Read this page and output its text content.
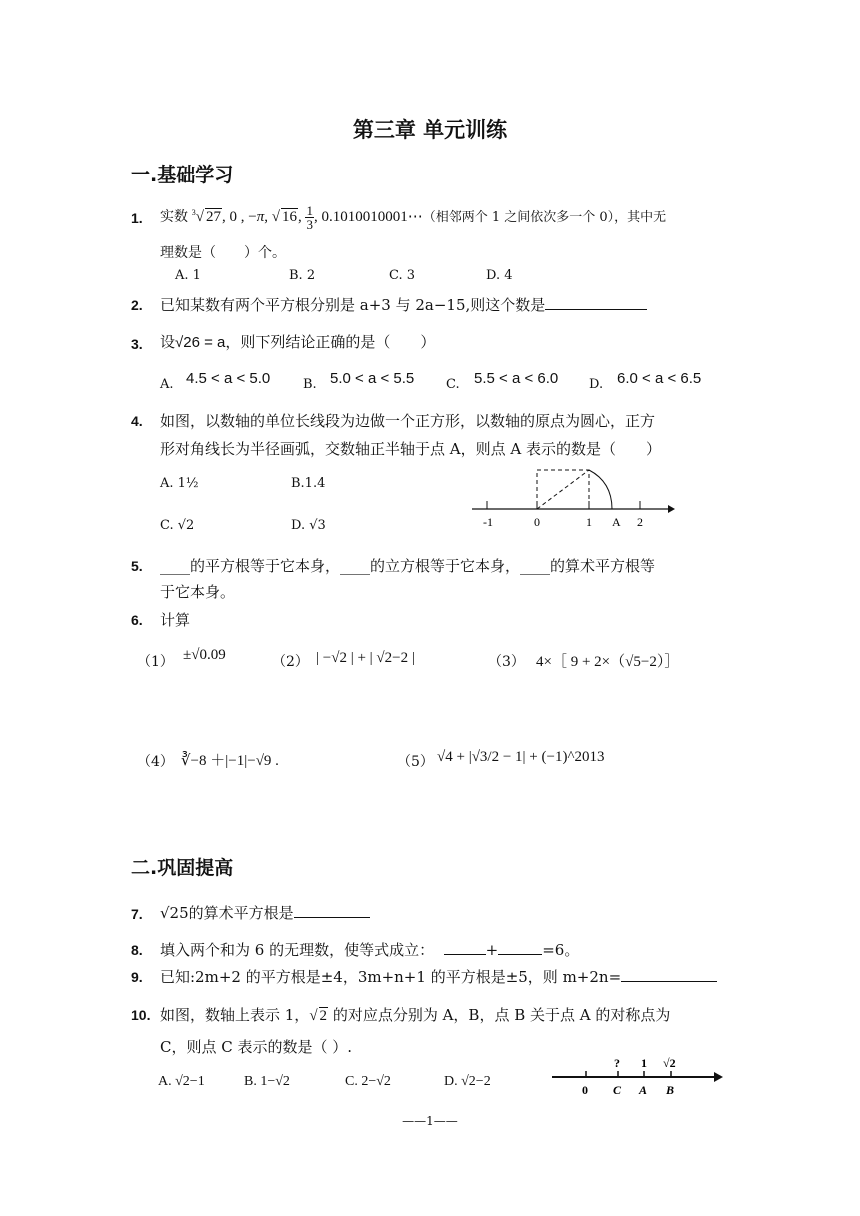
第三章 单元训练
一.基础学习
1. 实数 $^3$√ 27, 0 , −π, √ 16, $\frac{1}{3}$ , 0.1010010001⋯（相邻两个 1 之间依次多一个 0），其中无
理数是（　　）个。
A. 1	B. 2	C. 3	D. 4
2. 已知某数有两个平方根分别是 a+3 与 2a−15,则这个数是
3. 设√26 = a，则下列结论正确的是（　　）
A. 4.5 < a < 5.0	B. 5.0 < a < 5.5 C. 5.5 < a < 6.0 D. 6.0 < a < 6.5
4. 如图，以数轴的单位长线段为边做一个正方形，以数轴的原点为圆心，正方
形对角线长为半径画弧，交数轴正半轴于点 A，则点 A 表示的数是（　　）
A. 1½	B.1.4
C. √2	D. √3	-1	0	1 A 2
5. ____的平方根等于它本身，____的立方根等于它本身，____的算术平方根等
于它本身。
6. 计算
（1） ±√0.09	（2） | −√2 | + | √2−2 |	（3） 4×［ 9 + 2×（√5−2）］
（4） ∛−8 ＋|−1|−√9 .	（5） √4 + |√3/2 − 1| + (−1)^2013
二.巩固提高
7. √25的算术平方根是
8. 填入两个和为 6 的无理数，使等式成立：	+	=6。
9. 已知:2m+2 的平方根是±4，3m+n+1 的平方根是±5，则 m+2n=
10. 如图，数轴上表示 1，√ 2 的对应点分别为 A，B，点 B 关于点 A 的对称点为
C，则点 C 表示的数是（ ）.
A. √2−1	B. 1−√2	C. 2−√2	D. √2−2
0 C A B
? 1 √2
——1——
